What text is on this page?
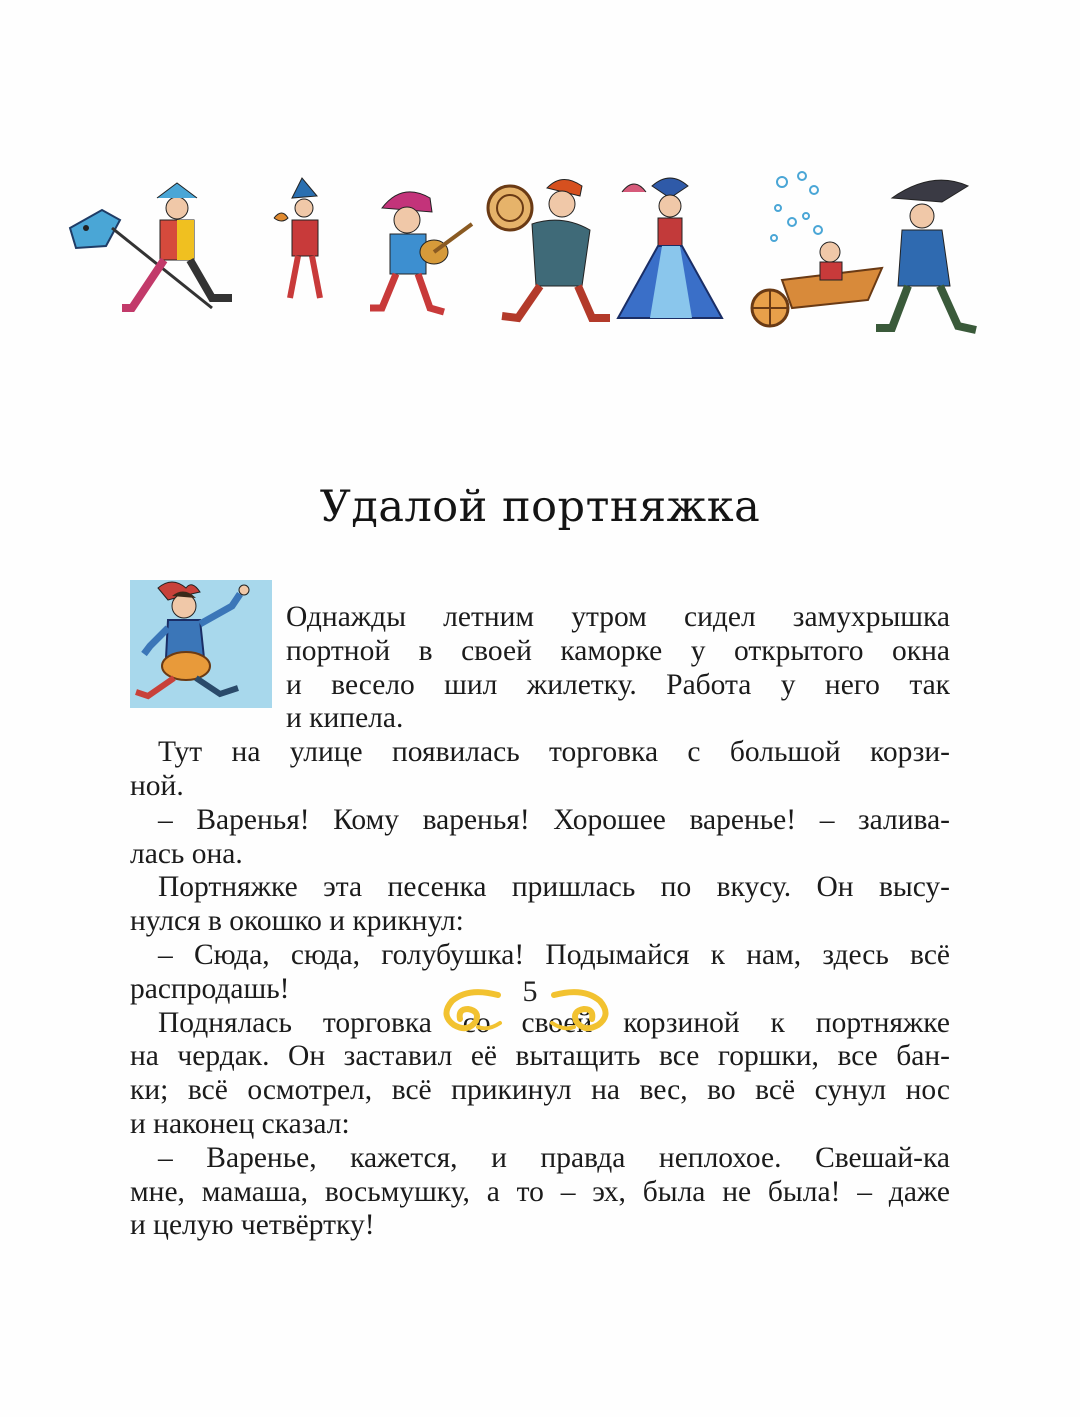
Удалой портняжка
Однажды летним утром сидел замухрышка
портной в своей каморке у открытого окна
и весело шил жилетку. Работа у него так
и кипела.
Тут на улице появилась торговка с большой корзи-
ной.
– Варенья! Кому варенья! Хорошее варенье! – залива-
лась она.
Портняжке эта песенка пришлась по вкусу. Он высу-
нулся в окошко и крикнул:
– Сюда, сюда, голубушка! Подымайся к нам, здесь всё
распродашь!
Поднялась торговка со своей корзиной к портняжке
на чердак. Он заставил её вытащить все горшки, все бан-
ки; всё осмотрел, всё прикинул на вес, во всё сунул нос
и наконец сказал:
– Варенье, кажется, и правда неплохое. Свешай-ка
мне, мамаша, восьмушку, а то – эх, была не была! – даже
и целую четвёртку!
5
